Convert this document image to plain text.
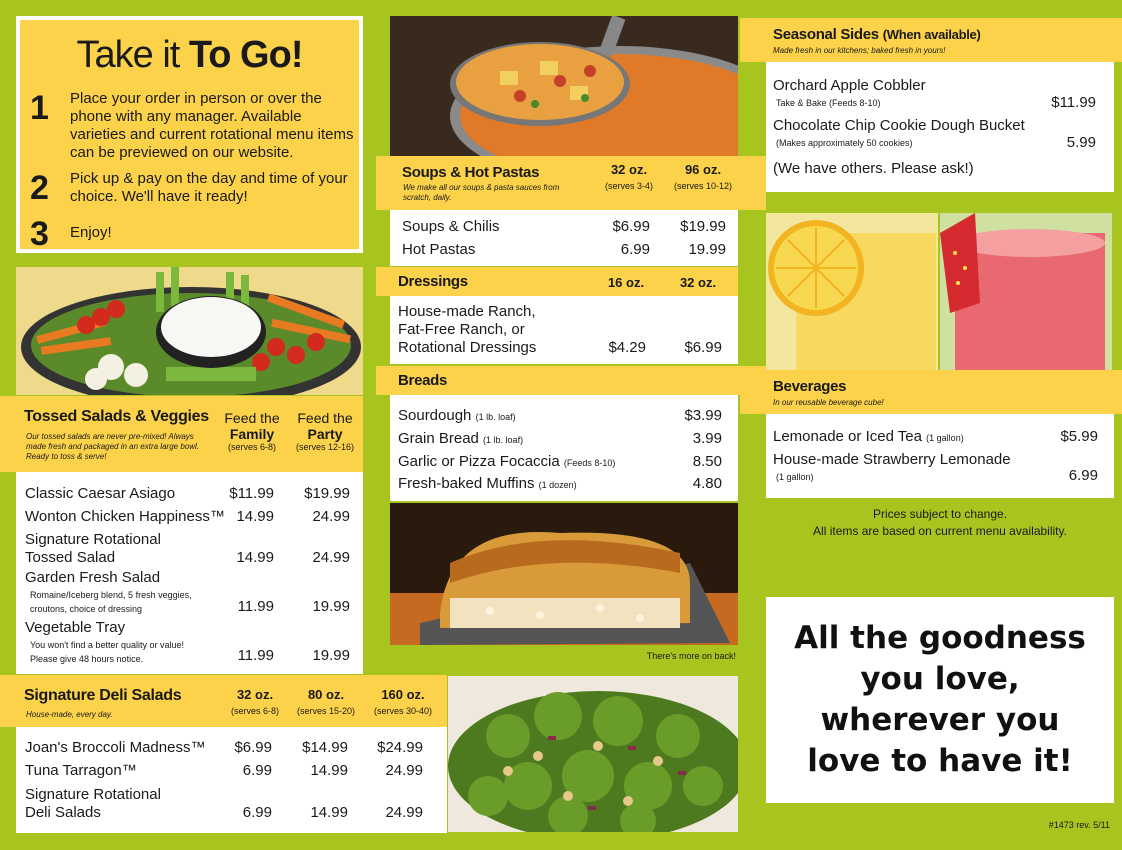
Take it To Go!
1 Place your order in person or over the phone with any manager. Available varieties and current rotational menu items can be previewed on our website.
2 Pick up & pay on the day and time of your choice. We'll have it ready!
3 Enjoy!
Tossed Salads & Veggies
Our tossed salads are never pre-mixed! Always made fresh and packaged in an extra large bowl. Ready to toss & serve!
Feed the
Family
(serves 6-8)
Feed the
Party
(serves 12-16)
Classic Caesar Asiago	$11.99	$19.99
Wonton Chicken Happiness™ 14.99	24.99
Signature Rotational
Tossed Salad	14.99	24.99
Garden Fresh Salad
Romaine/Iceberg blend, 5 fresh veggies,
croutons, choice of dressing	11.99	19.99
Vegetable Tray
You won't find a better quality or value!
Please give 48 hours notice.	11.99	19.99
Signature Deli Salads
House-made, every day.
32 oz.
(serves 6-8)
80 oz.
(serves 15-20)
160 oz.
(serves 30-40)
Joan's Broccoli Madness™	$6.99	$14.99	$24.99
Tuna Tarragon™	6.99	14.99	24.99
Signature Rotational
Deli Salads	6.99	14.99	24.99
Soups & Hot Pastas
We make all our soups & pasta sauces from scratch, daily.
32 oz.
(serves 3-4)
96 oz.
(serves 10-12)
Soups & Chilis	$6.99	$19.99
Hot Pastas	6.99	19.99
Dressings	16 oz.	32 oz.
House-made Ranch,
Fat-Free Ranch, or
Rotational Dressings	$4.29	$6.99
Breads
Sourdough (1 lb. loaf)	$3.99
Grain Bread (1 lb. loaf)	3.99
Garlic or Pizza Focaccia (Feeds 8-10)	8.50
Fresh-baked Muffins (1 dozen)	4.80
There's more on back!
Seasonal Sides (When available)
Made fresh in our kitchens; baked fresh in yours!
Orchard Apple Cobbler
Take & Bake (Feeds 8-10)	$11.99
Chocolate Chip Cookie Dough Bucket
(Makes approximately 50 cookies)	5.99
(We have others. Please ask!)
Beverages
In our reusable beverage cube!
Lemonade or Iced Tea (1 gallon)	$5.99
House-made Strawberry Lemonade
(1 gallon)	6.99
Prices subject to change.
All items are based on current menu availability.
All the goodness
you love,
wherever you
love to have it!
#1473 rev. 5/11
